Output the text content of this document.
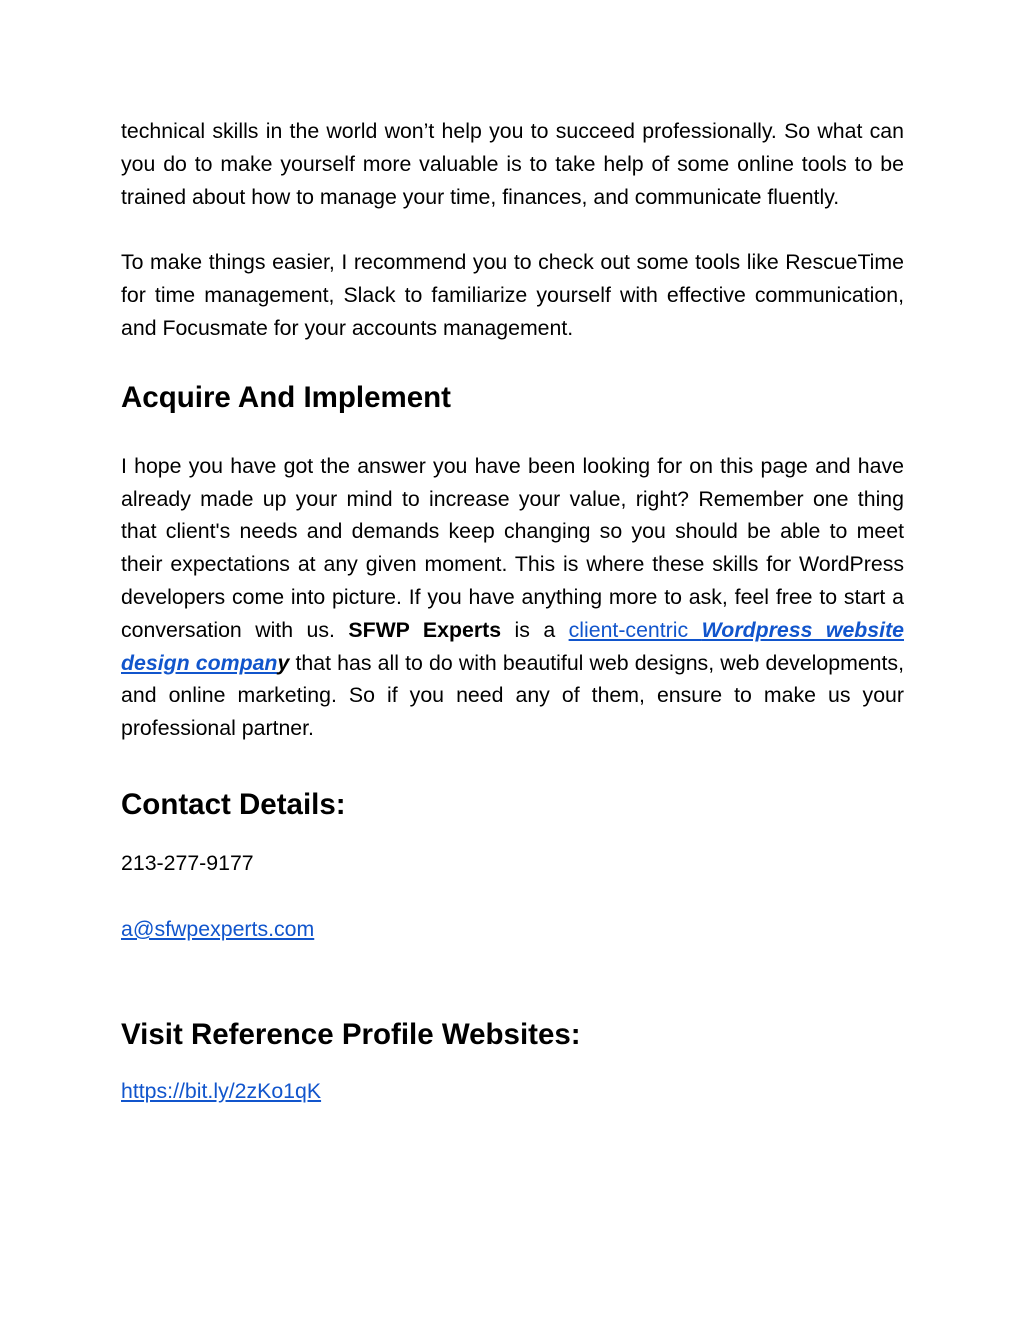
technical skills in the world won’t help you to succeed professionally. So what can you do to make yourself more valuable is to take help of some online tools to be trained about how to manage your time, finances, and communicate fluently.

To make things easier, I recommend you to check out some tools like RescueTime for time management, Slack to familiarize yourself with effective communication, and Focusmate for your accounts management.

Acquire And Implement

I hope you have got the answer you have been looking for on this page and have already made up your mind to increase your value, right? Remember one thing that client's needs and demands keep changing so you should be able to meet their expectations at any given moment. This is where these skills for WordPress developers come into picture. If you have anything more to ask, feel free to start a conversation with us. SFWP Experts is a client-centric Wordpress website design company that has all to do with beautiful web designs, web developments, and online marketing. So if you need any of them, ensure to make us your professional partner.

Contact Details:

213-277-9177

a@sfwpexperts.com

Visit Reference Profile Websites:

https://bit.ly/2zKo1qK
